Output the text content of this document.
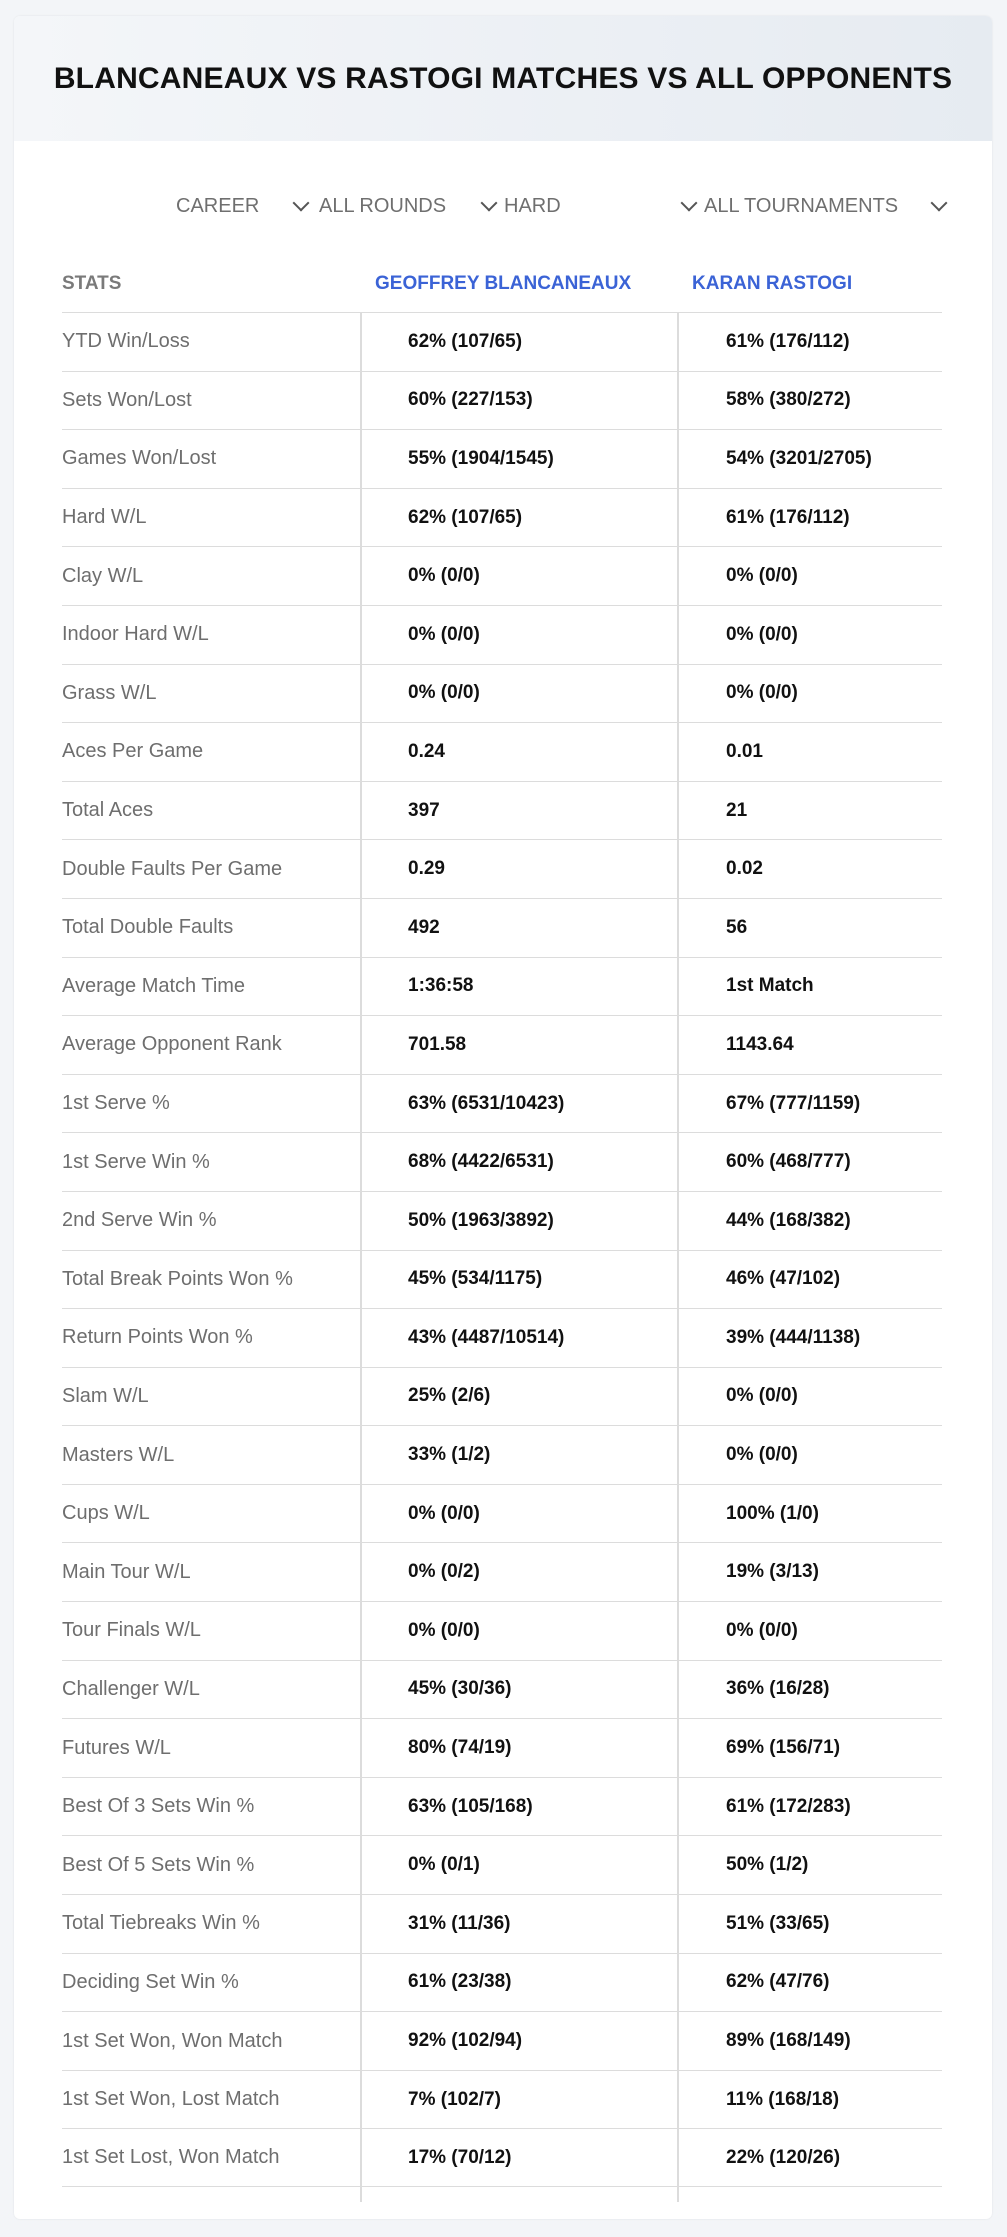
BLANCANEAUX VS RASTOGI MATCHES VS ALL OPPONENTS
CAREER	ALL ROUNDS	HARD	ALL TOURNAMENTS
STATS	GEOFFREY BLANCANEAUX	KARAN RASTOGI
YTD Win/Loss	62% (107/65)	61% (176/112)
Sets Won/Lost	60% (227/153)	58% (380/272)
Games Won/Lost	55% (1904/1545)	54% (3201/2705)
Hard W/L	62% (107/65)	61% (176/112)
Clay W/L	0% (0/0)	0% (0/0)
Indoor Hard W/L	0% (0/0)	0% (0/0)
Grass W/L	0% (0/0)	0% (0/0)
Aces Per Game	0.24	0.01
Total Aces	397	21
Double Faults Per Game	0.29	0.02
Total Double Faults	492	56
Average Match Time	1:36:58	1st Match
Average Opponent Rank	701.58	1143.64
1st Serve %	63% (6531/10423)	67% (777/1159)
1st Serve Win %	68% (4422/6531)	60% (468/777)
2nd Serve Win %	50% (1963/3892)	44% (168/382)
Total Break Points Won %	45% (534/1175)	46% (47/102)
Return Points Won %	43% (4487/10514)	39% (444/1138)
Slam W/L	25% (2/6)	0% (0/0)
Masters W/L	33% (1/2)	0% (0/0)
Cups W/L	0% (0/0)	100% (1/0)
Main Tour W/L	0% (0/2)	19% (3/13)
Tour Finals W/L	0% (0/0)	0% (0/0)
Challenger W/L	45% (30/36)	36% (16/28)
Futures W/L	80% (74/19)	69% (156/71)
Best Of 3 Sets Win %	63% (105/168)	61% (172/283)
Best Of 5 Sets Win %	0% (0/1)	50% (1/2)
Total Tiebreaks Win %	31% (11/36)	51% (33/65)
Deciding Set Win %	61% (23/38)	62% (47/76)
1st Set Won, Won Match	92% (102/94)	89% (168/149)
1st Set Won, Lost Match	7% (102/7)	11% (168/18)
1st Set Lost, Won Match	17% (70/12)	22% (120/26)
